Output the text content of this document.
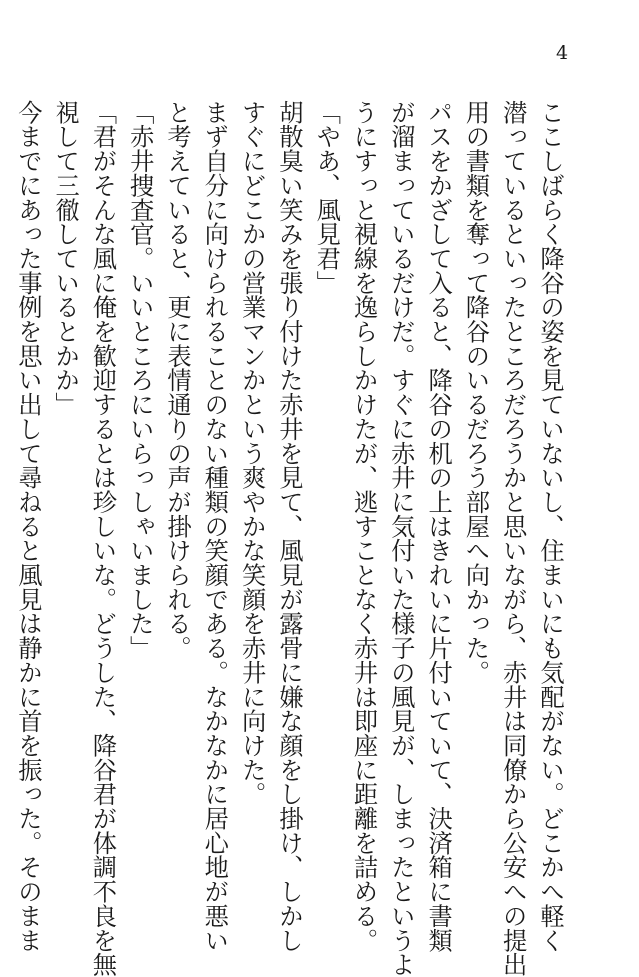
4
ここしばらく降谷の姿を見ていないし、住まいにも気配がない。どこかへ軽く
潜っているといったところだろうかと思いながら、赤井は同僚から公安への提出
用の書類を奪って降谷のいるだろう部屋へ向かった。
パスをかざして入ると、降谷の机の上はきれいに片付いていて、決済箱に書類
が溜まっているだけだ。すぐに赤井に気付いた様子の風見が、しまったというよ
うにすっと視線を逸らしかけたが、逃すことなく赤井は即座に距離を詰める。
「やあ、風見君」
胡散臭い笑みを張り付けた赤井を見て、風見が露骨に嫌な顔をし掛け、しかし
すぐにどこかの営業マンかという爽やかな笑顔を赤井に向けた。
まず自分に向けられることのない種類の笑顔である。なかなかに居心地が悪い
と考えていると、更に表情通りの声が掛けられる。
「赤井捜査官。いいところにいらっしゃいました」
「君がそんな風に俺を歓迎するとは珍しいな。どうした、降谷君が体調不良を無
視して三徹しているとかか」
今までにあった事例を思い出して尋ねると風見は静かに首を振った。そのまま
